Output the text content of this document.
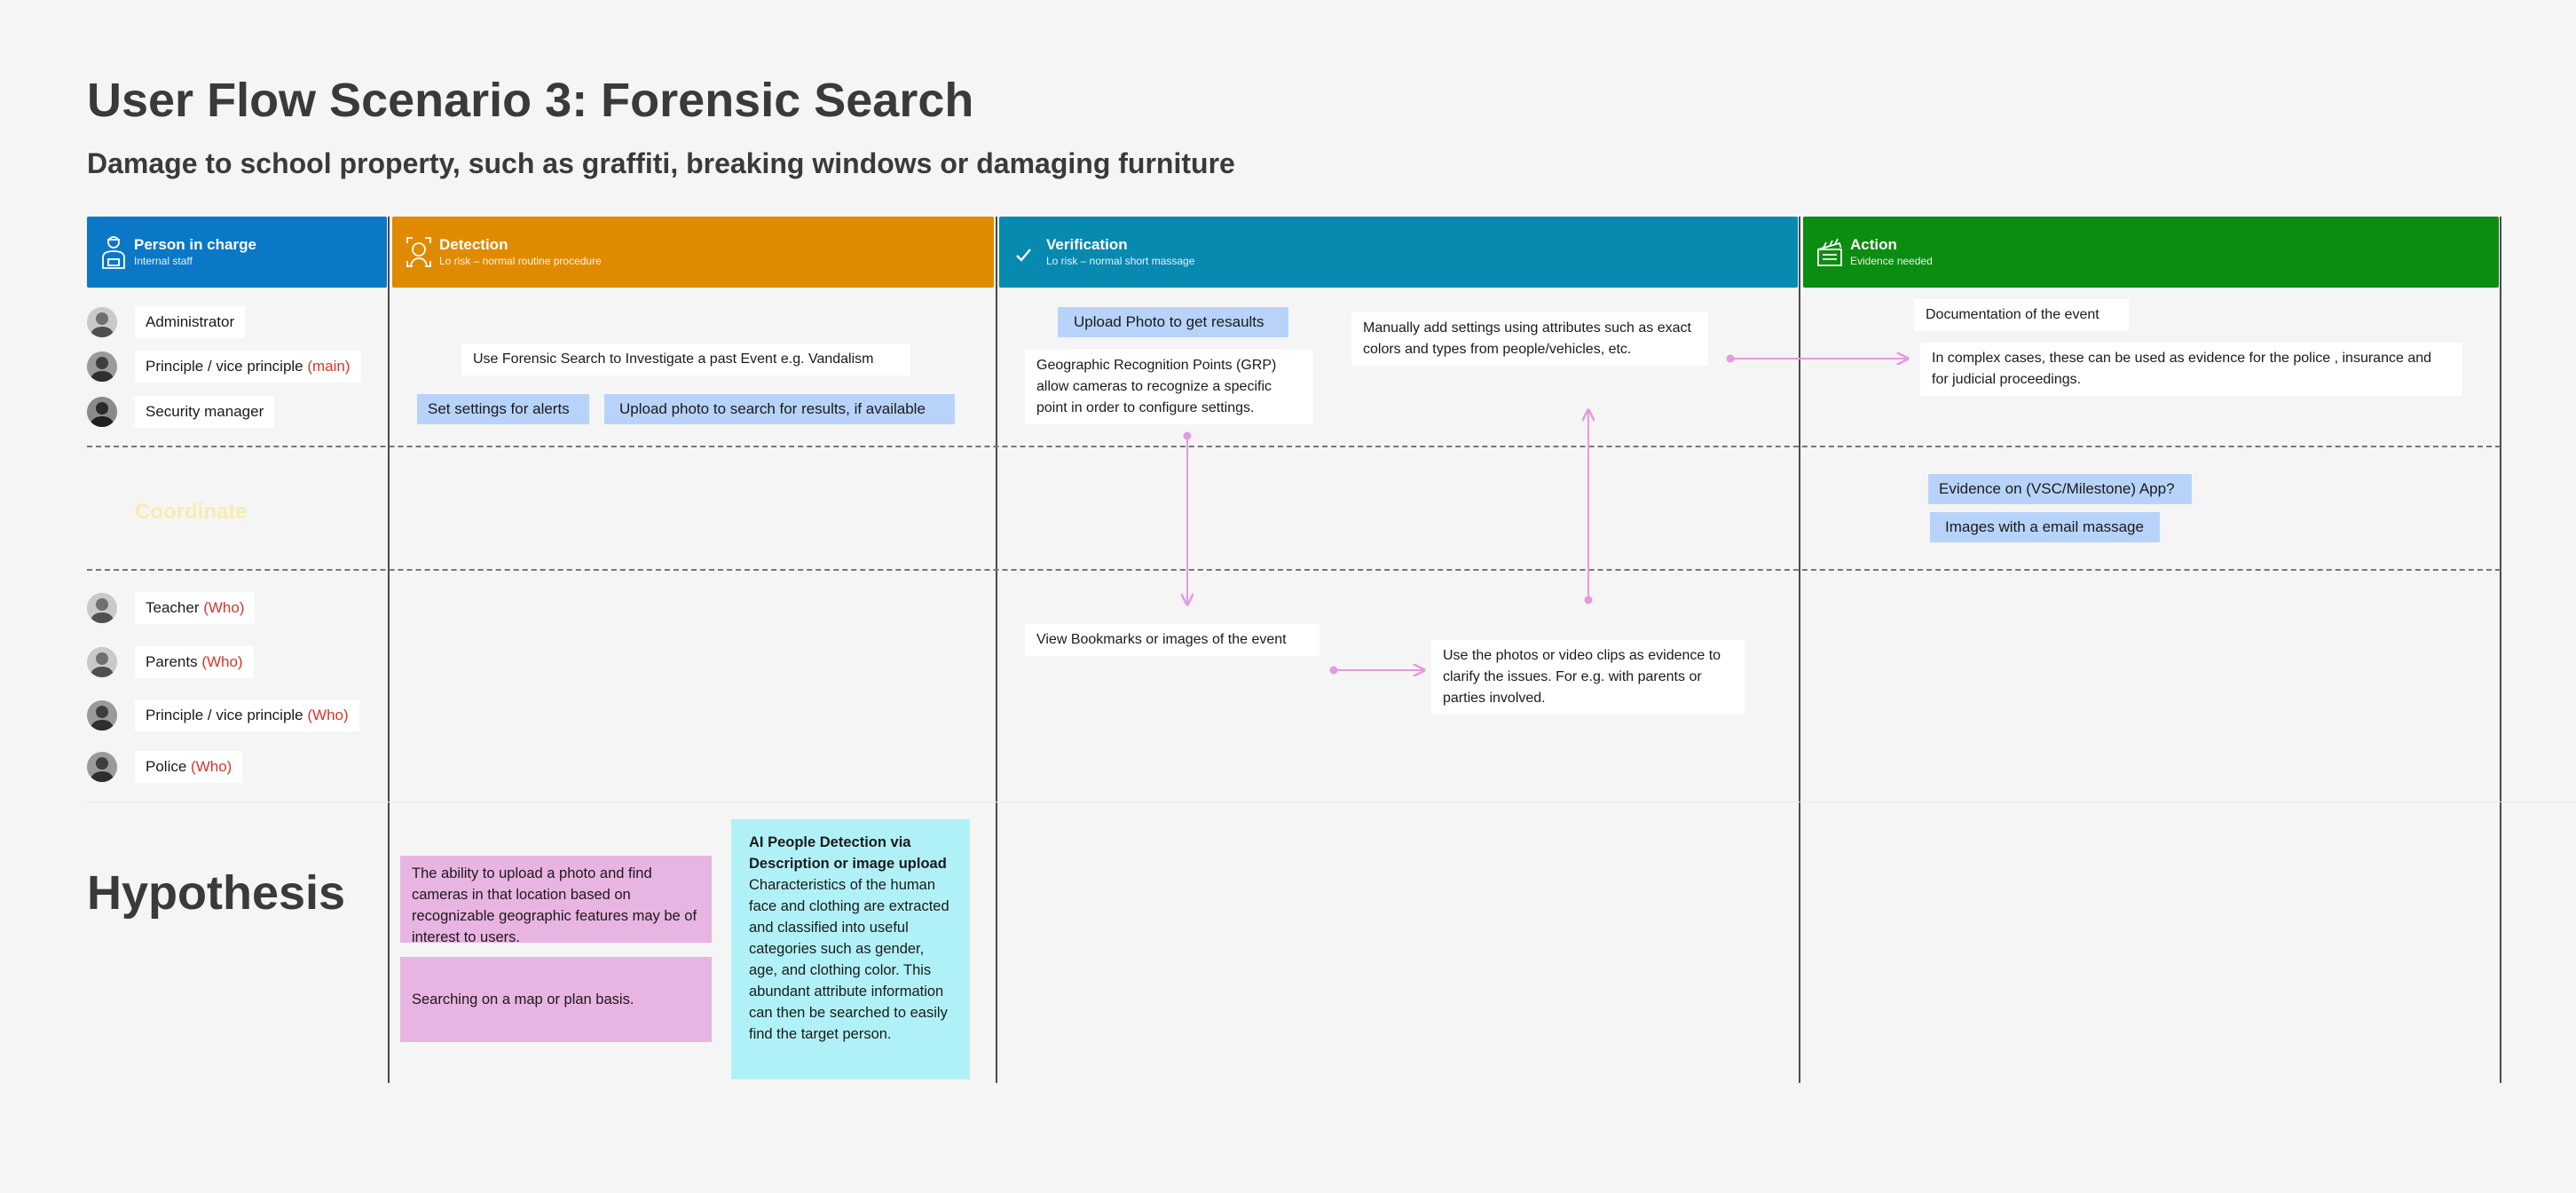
User Flow Scenario 3: Forensic Search
Damage to school property, such as graffiti, breaking windows or damaging furniture
Person in charge
Internal staff
Detection
Lo risk – normal routine procedure
Verification
Lo risk – normal short massage
Action
Evidence needed
Administrator
Principle / vice principle (main)
Security manager
Coordinate
Teacher (Who)
Parents (Who)
Principle / vice principle (Who)
Police (Who)
Use Forensic Search to Investigate a past Event e.g. Vandalism
Set settings for alerts	Upload photo to search for results, if available
Upload Photo to get resaults
Geographic Recognition Points (GRP) allow cameras to recognize a specific point in order to configure settings.
Manually add settings using attributes such as exact colors and types from people/vehicles, etc.
View Bookmarks or images of the event
Use the photos or video clips as evidence to clarify the issues. For e.g. with parents or parties involved.
Documentation of the event
In complex cases, these can be used as evidence for the police , insurance and for judicial proceedings.
Evidence on (VSC/Milestone) App?
Images with a email massage
Hypothesis	The ability to upload a photo and find cameras in that location based on recognizable geographic features may be of interest to users.
Searching on a map or plan basis.
AI People Detection via Description or image upload
Characteristics of the human face and clothing are extracted and classified into useful categories such as gender, age, and clothing color. This abundant attribute information can then be searched to easily find the target person.
